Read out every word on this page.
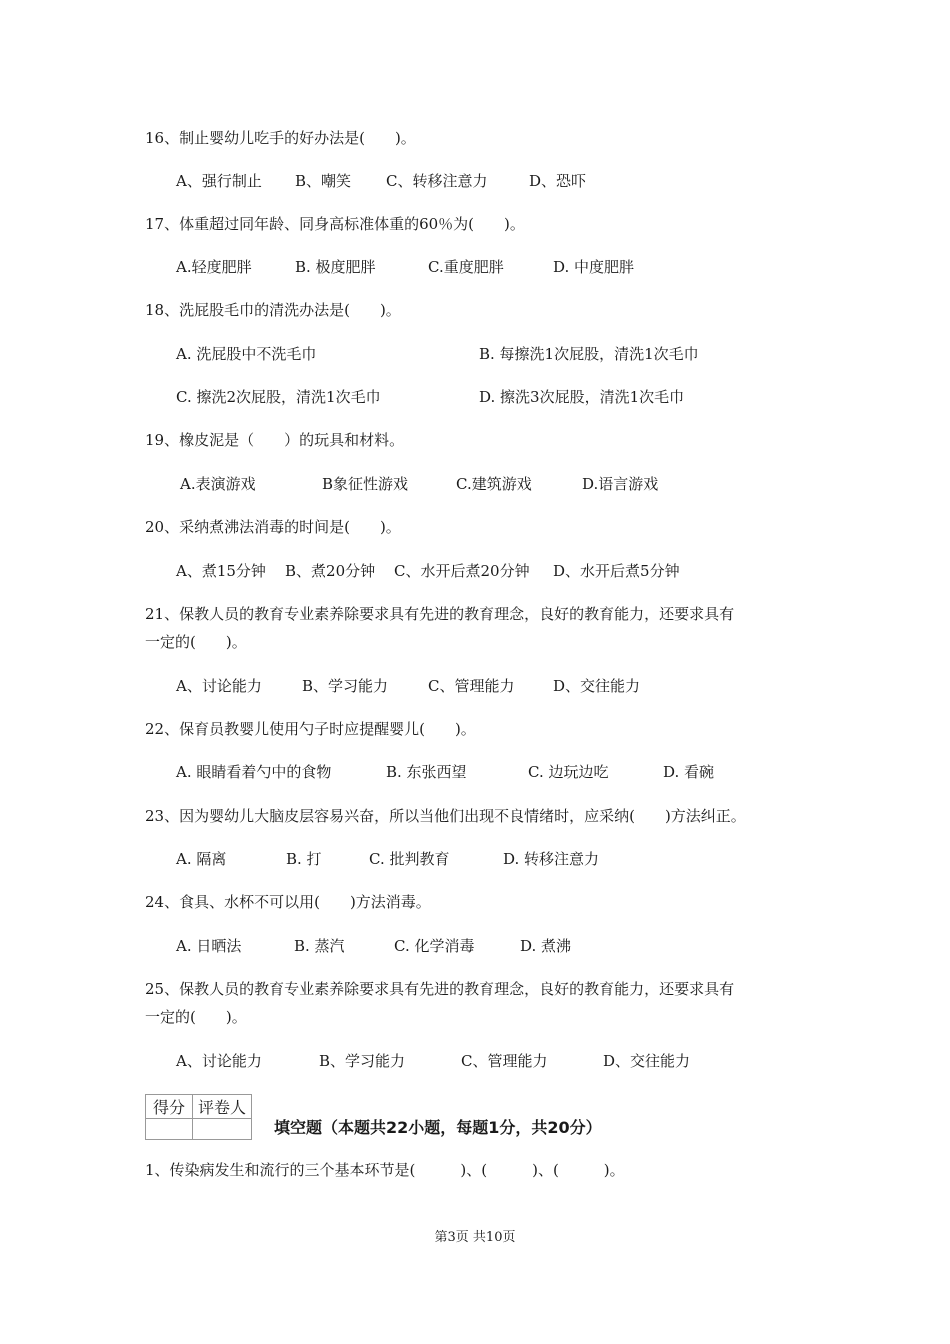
16、制止婴幼儿吃手的好办法是(　　)。
A、强行制止 B、嘲笑 C、转移注意力	D、恐吓
17、体重超过同年龄、同身高标准体重的60％为(　　)。
A.轻度肥胖	B. 极度肥胖	C.重度肥胖	D. 中度肥胖
18、洗屁股毛巾的清洗办法是(　　)。
A. 洗屁股中不洗毛巾	B. 每擦洗1次屁股，清洗1次毛巾
C. 擦洗2次屁股，清洗1次毛巾	D. 擦洗3次屁股，清洗1次毛巾
19、橡皮泥是（　　）的玩具和材料。
A.表演游戏	B象征性游戏	C.建筑游戏	D.语言游戏
20、采纳煮沸法消毒的时间是(　　)。
A、煮15分钟 B、煮20分钟 C、水开后煮20分钟 D、水开后煮5分钟
21、保教人员的教育专业素养除要求具有先进的教育理念，良好的教育能力，还要求具有
一定的(　　)。
A、讨论能力	B、学习能力	C、管理能力	D、交往能力
22、保育员教婴儿使用勺子时应提醒婴儿(　　)。
A. 眼睛看着勺中的食物	B. 东张西望	C. 边玩边吃	D. 看碗
23、因为婴幼儿大脑皮层容易兴奋，所以当他们出现不良情绪时，应采纳(　　)方法纠正。
A. 隔离	B. 打	C. 批判教育	D. 转移注意力
24、食具、水杯不可以用(　　)方法消毒。
A. 日晒法	B. 蒸汽	C. 化学消毒	D. 煮沸
25、保教人员的教育专业素养除要求具有先进的教育理念，良好的教育能力，还要求具有
一定的(　　)。
A、讨论能力	B、学习能力	C、管理能力	D、交往能力
得分	评卷人

填空题（本题共22小题，每题1分，共20分）
1、传染病发生和流行的三个基本环节是(　　　)、(　　　)、(　　　)。
第3页 共10页
